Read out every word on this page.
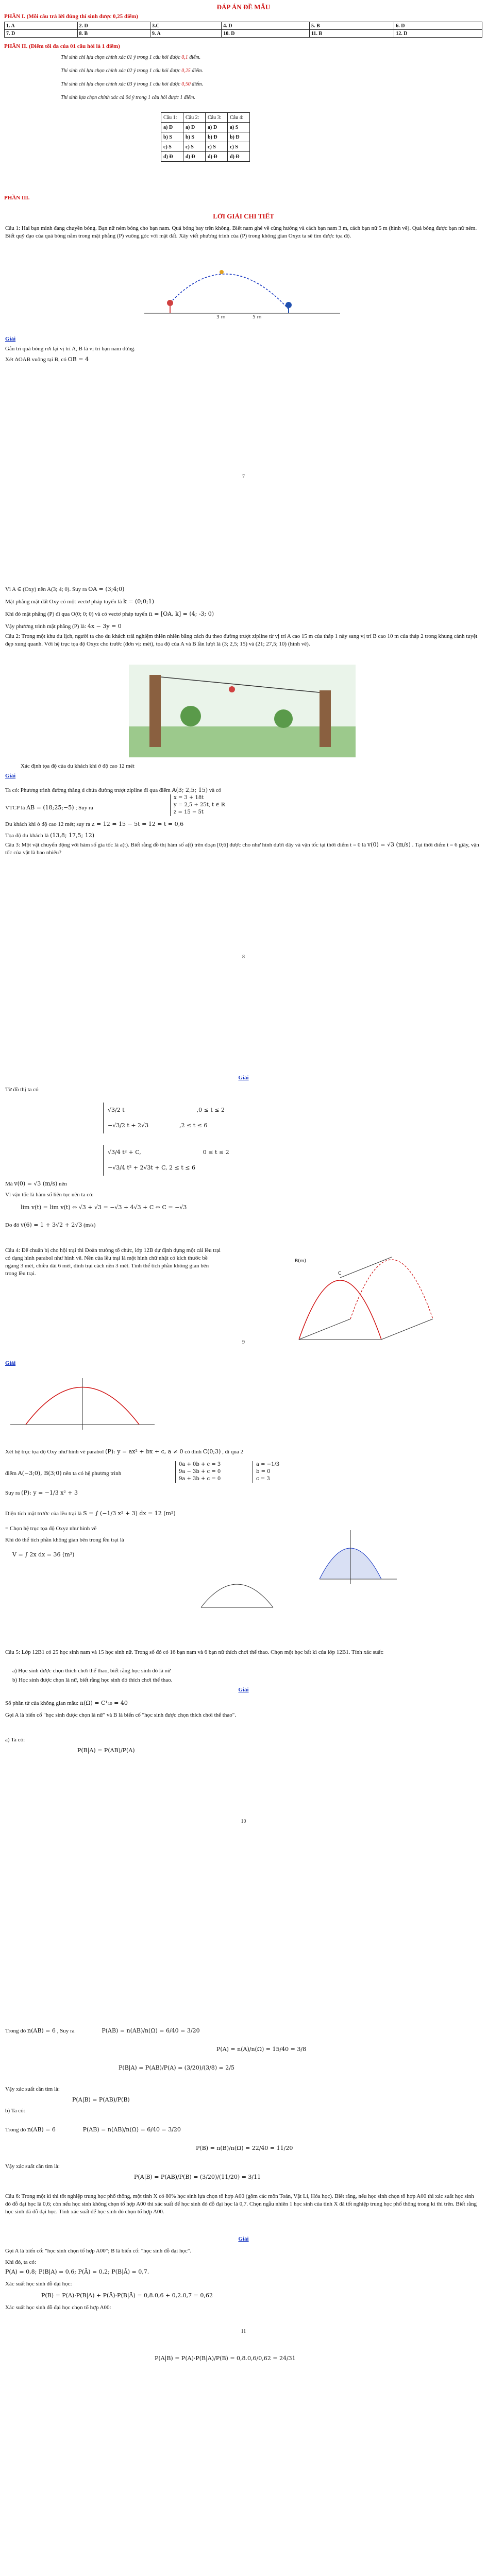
ĐÁP ÁN ĐỀ MẪU
PHẦN I. (Mỗi câu trả lời đúng thí sinh được 0,25 điểm)
1. A	2. D	3.C	4. D	5. B	6. D
7. D	8. B	9. A	10. D	11. B	12. D
PHẦN II. (Điểm tối đa của 01 câu hỏi là 1 điểm)
Thí sinh chỉ lựa chọn chính xác 01 ý trong 1 câu hỏi được 0,1 điểm.
Thí sinh chỉ lựa chọn chính xác 02 ý trong 1 câu hỏi được 0,25 điểm.
Thí sinh chỉ lựa chọn chính xác 03 ý trong 1 câu hỏi được 0,50 điểm.
Thí sinh lựa chọn chính xác cả 04 ý trong 1 câu hỏi được 1 điểm.
Câu 1:	Câu 2:	Câu 3:	Câu 4:
a) Đ	a) Đ	a) Đ	a) S
b) S	b) S	b) Đ	b) Đ
c) S	c) S	c) S	c) S
d) Đ	d) Đ	d) Đ	d) Đ
PHẦN III.
LỜI GIẢI CHI TIẾT
Câu 1: Hai bạn minh đang chuyền bóng. Bạn nữ ném bóng cho bạn nam. Quả bóng bay trên không. Biết nam ghé về cùng hướng và cách bạn nam 3 m, cách bạn nữ 5 m (hình vẽ). Quả bóng được bạn nữ ném. Biết quỹ đạo của quả bóng nằm trong mặt phẳng (P) vuông góc với mặt đất. Xây viết phương trình của (P) trong không gian Oxyz ta sẽ tìm được tọa độ.
3 m	5 m
Giải
Gắn trí quả bóng rơi lại vị trí A, B là vị trí bạn nam đứng.
Xét ΔOAB vuông tại B, có OB = 4
7
Vì A ∈ (Oxy) nên A(3; 4; 0). Suy ra OA = (3;4;0)
Mặt phẳng mặt đất Oxy có một vectơ pháp tuyến là k = (0;0;1)
Khi đó mặt phẳng (P) đi qua O(0; 0; 0) và có vectơ pháp tuyến n = [OA, k] = (4; -3; 0)
Vậy phương trình mặt phẳng (P) là: 4x − 3y = 0
Câu 2: Trong một khu du lịch, người ta cho du khách trải nghiệm thiên nhiên bằng cách đu theo đường trượt zipline từ vị trí A cao 15 m của tháp 1 này sang vị trí B cao 10 m của tháp 2 trong khung cảnh tuyệt đẹp xung quanh. Với hệ trục tọa độ Oxyz cho trước (đơn vị: mét), tọa độ của A và B lần lượt là (3; 2,5; 15) và (21; 27,5; 10) (hình vẽ).
Xác định tọa độ của du khách khi ở độ cao 12 mét
Giải
Ta có: Phương trình đường thẳng d chứa đường trượt zipline đi qua điểm A(3; 2,5; 15) và có
VTCP là AB = (18;25;−5) ; Suy ra
x = 3 + 18t
y = 2,5 + 25t, t ∈ ℝ
z = 15 − 5t
Du khách khi ở độ cao 12 mét; suy ra z = 12 ⇔ 15 − 5t = 12 ⇔ t = 0,6
Tọa độ du khách là (13,8; 17,5; 12)
Câu 3: Một vật chuyển động với hàm số gia tốc là a(t). Biết rằng đồ thị hàm số a(t) trên đoạn [0;6] được cho như hình dưới đây và vận tốc tại thời điểm t = 0 là v(0) = √3 (m/s) . Tại thời điểm t = 6 giây, vận tốc của vật là bao nhiêu?
8
Giải
Từ đồ thị ta có
√3/2 t	,0 ≤ t ≤ 2
−√3/2 t + 2√3	,2 ≤ t ≤ 6
√3/4 t² + C,	0 ≤ t ≤ 2
−√3/4 t² + 2√3t + C, 2 ≤ t ≤ 6
Mà v(0) = √3 (m/s) nên
Vì vận tốc là hàm số liên tục nên ta có:
lim v(t) = lim v(t) ⇔ √3 + √3 = −√3 + 4√3 + C ⇔ C = −√3
Do đó v(6) = 1 + 3√2 + 2√3 (m/s)
Câu 4: Để chuẩn bị cho hội trại thi Đoàn trường tổ chức, lớp 12B dự định dựng một cái lều trại có dạng hình parabol như hình vẽ. Nền của lều trại là một hình chữ nhật có kích thước bề ngang 3 mét, chiều dài 6 mét, đỉnh trại cách nền 3 mét. Tính thể tích phần không gian bên trong lều trại.
B(m)
C
Giải
Xét hệ trục tọa độ Oxy như hình vẽ parabol (P): y = ax² + bx + c, a ≠ 0 có đỉnh C(0;3) , đi qua 2
0a + 0b + c = 3
9a − 3b + c = 0
9a + 3b + c = 0
a = −1/3
b = 0
c = 3
điểm A(−3;0), B(3;0) nên ta có hệ phương trình
Suy ra (P): y = −1/3 x² + 3
Diện tích mặt trước của lều trại là S = ∫ (−1/3 x² + 3) dx = 12 (m²)
= Chọn hệ trục tọa độ Oxyz như hình vẽ
Khi đó thể tích phần không gian bên trong lều trại là
V = ∫ 2x dx = 36 (m³)
9
Câu 5: Lớp 12B1 có 25 học sinh nam và 15 học sinh nữ. Trong số đó có 16 bạn nam và 6 bạn nữ thích chơi thể thao. Chọn một học bất kì của lớp 12B1. Tính xác suất:
a) Học sinh được chọn thích chơi thể thao, biết rằng học sinh đó là nữ
b) Học sinh được chọn là nữ, biết rằng học sinh đó thích chơi thể thao.
Giải
Số phần tử của không gian mẫu: n(Ω) = C¹₄₀ = 40
Gọi A là biến cố "học sinh được chọn là nữ" và B là biến cố "học sinh được chọn thích chơi thể thao".
a) Ta có:
P(B|A) = P(AB)/P(A)
10
Trong đó n(AB) = 6 , Suy ra	P(AB) = n(AB)/n(Ω) = 6/40 = 3/20
P(A) = n(A)/n(Ω) = 15/40 = 3/8
P(B|A) = P(AB)/P(A) = (3/20)/(3/8) = 2/5
Vậy xác suất cần tìm là:
P(A|B) = P(AB)/P(B)
b) Ta có:
Trong đó n(AB) = 6	P(AB) = n(AB)/n(Ω) = 6/40 = 3/20
P(B) = n(B)/n(Ω) = 22/40 = 11/20
Vậy xác suất cần tìm là:
P(A|B) = P(AB)/P(B) = (3/20)/(11/20) = 3/11
Câu 6: Trong một kì thi tốt nghiệp trung học phổ thông, một tỉnh X có 80% học sinh lựa chọn tổ hợp A00 (gồm các môn Toán, Vật Lí, Hóa học). Biết rằng, nếu học sinh chọn tổ hợp A00 thì xác suất học sinh đó đỗ đại học là 0,6; còn nếu học sinh không chọn tổ hợp A00 thì xác suất để học sinh đó đỗ đại học là 0,7. Chọn ngẫu nhiên 1 học sinh của tỉnh X đã tốt nghiệp trung học phổ thông trong kì thi trên. Biết rằng học sinh đã đỗ đại học. Tính xác suất để học sinh đó chọn tổ hợp A00.
Giải
Gọi A là biến cố: "học sinh chọn tổ hợp A00"; B là biến cố: "học sinh đỗ đại học".
Khi đó, ta có:
P(A) = 0,8; P(B|A) = 0,6; P(Ā) = 0,2; P(B|Ā) = 0,7.
Xác suất học sinh đỗ đại học:
P(B) = P(A)·P(B|A) + P(Ā)·P(B|Ā) = 0,8.0,6 + 0,2.0,7 = 0,62
Xác suất học sinh đỗ đại học chọn tổ hợp A00:
11
P(A|B) = P(A)·P(B|A)/P(B) = 0,8.0,6/0,62 = 24/31
